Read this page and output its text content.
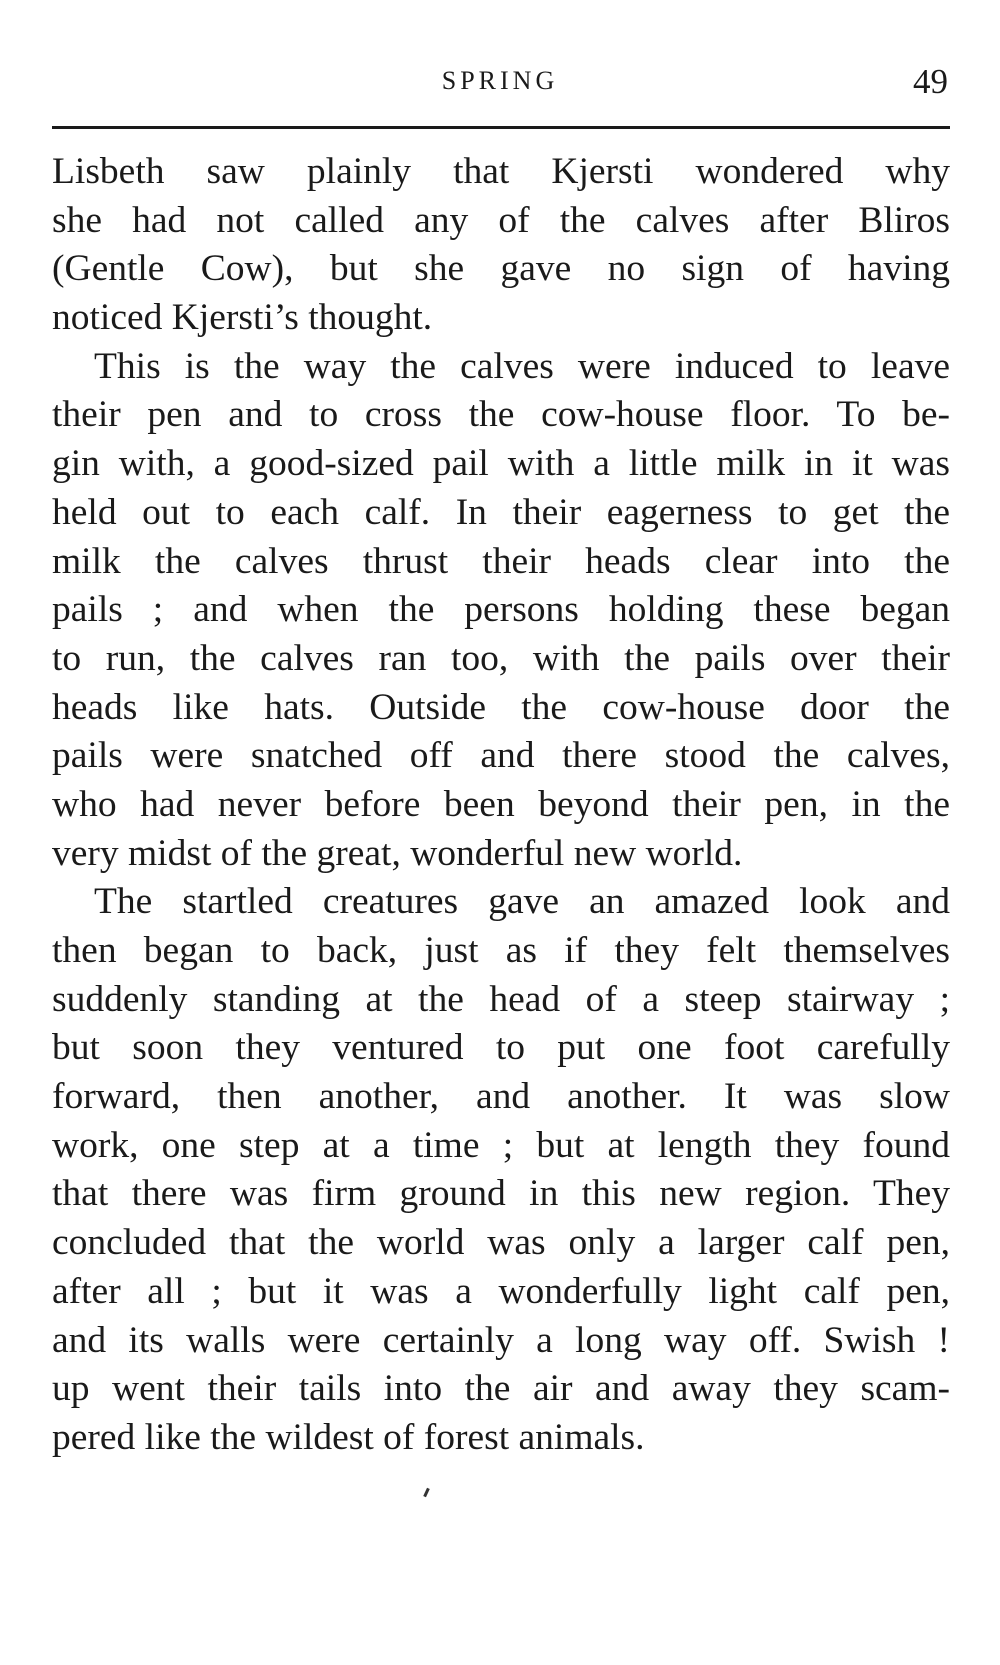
SPRING	49
Lisbeth saw plainly that Kjersti wondered why
she had not called any of the calves after Bliros
(Gentle Cow), but she gave no sign of having
noticed Kjersti’s thought.
This is the way the calves were induced to leave
their pen and to cross the cow-house floor. To be-
gin with, a good-sized pail with a little milk in it was
held out to each calf. In their eagerness to get the
milk the calves thrust their heads clear into the
pails ; and when the persons holding these began
to run, the calves ran too, with the pails over their
heads like hats. Outside the cow-house door the
pails were snatched off and there stood the calves,
who had never before been beyond their pen, in the
very midst of the great, wonderful new world.
The startled creatures gave an amazed look and
then began to back, just as if they felt themselves
suddenly standing at the head of a steep stairway ;
but soon they ventured to put one foot carefully
forward, then another, and another. It was slow
work, one step at a time ; but at length they found
that there was firm ground in this new region. They
concluded that the world was only a larger calf pen,
after all ; but it was a wonderfully light calf pen,
and its walls were certainly a long way off. Swish !
up went their tails into the air and away they scam-
pered like the wildest of forest animals.
